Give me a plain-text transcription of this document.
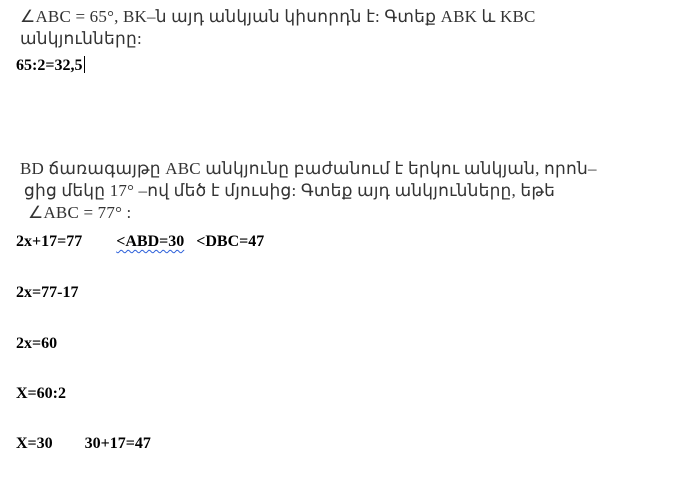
∠ABC = 65°, BK–ն այդ անկյան կիսորդն է: Գտեք ABK և KBC
անկյունները:
65:2=32,5
BD ճառագայթը ABC անկյունը բաժանում է երկու անկյան, որոն–
ցից մեկը 17° –ով մեծ է մյուսից: Գտեք այդ անկյունները, եթե
∠ABC = 77° :
2x+17=77 <ABD=30 <DBC=47
2x=77-17
2x=60
X=60:2
X=30 30+17=47
